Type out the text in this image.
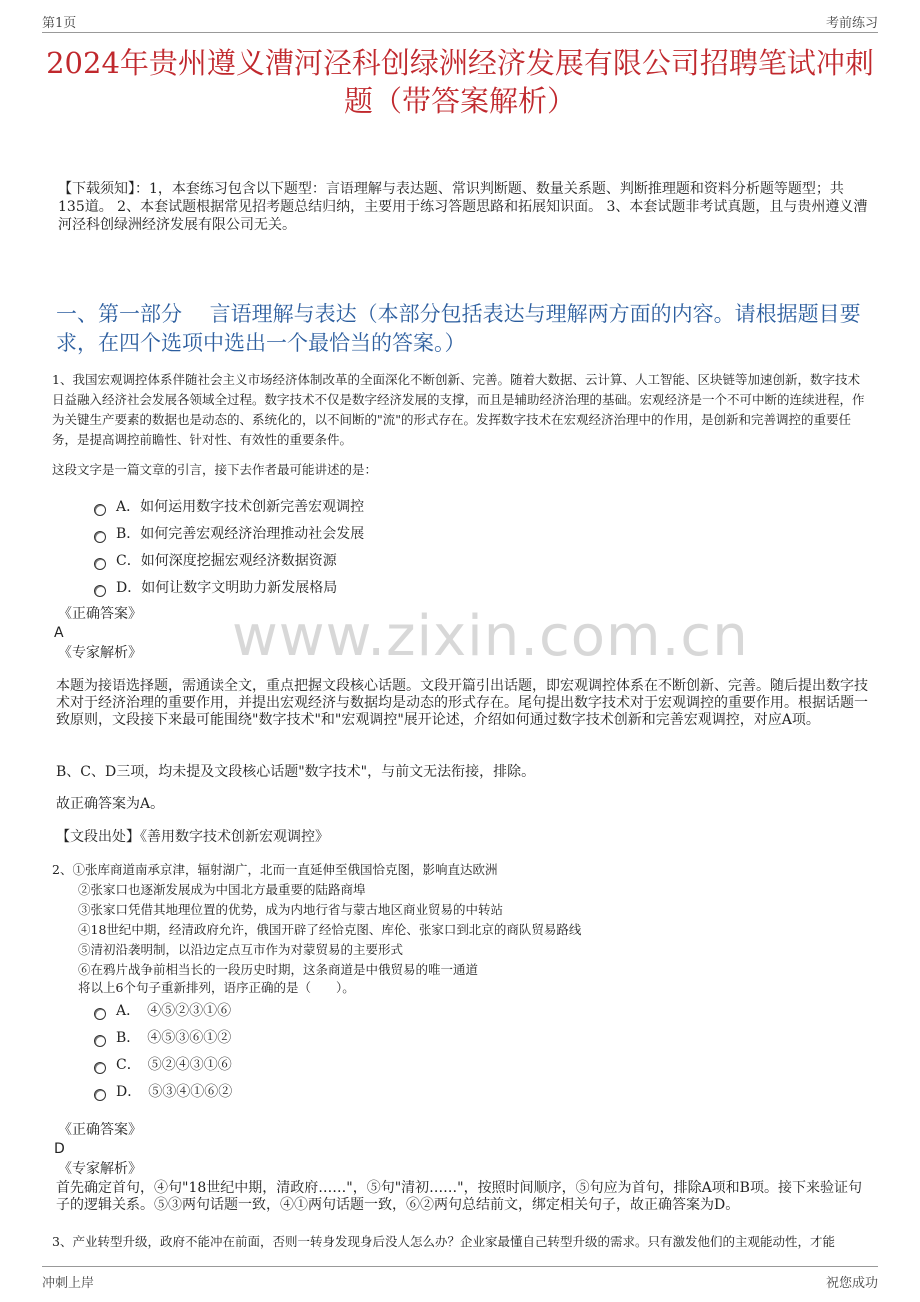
第1页	考前练习
2024年贵州遵义漕河泾科创绿洲经济发展有限公司招聘笔试冲刺题（带答案解析）
【下载须知】：1，本套练习包含以下题型：言语理解与表达题、常识判断题、数量关系题、判断推理题和资料分析题等题型；共135道。 2、本套试题根据常见招考题总结归纳，主要用于练习答题思路和拓展知识面。 3、本套试题非考试真题，且与贵州遵义漕河泾科创绿洲经济发展有限公司无关。
一、第一部分　 言语理解与表达（本部分包括表达与理解两方面的内容。请根据题目要求，在四个选项中选出一个最恰当的答案。）
1、我国宏观调控体系伴随社会主义市场经济体制改革的全面深化不断创新、完善。随着大数据、云计算、人工智能、区块链等加速创新，数字技术日益融入经济社会发展各领域全过程。数字技术不仅是数字经济发展的支撑，而且是辅助经济治理的基础。宏观经济是一个不可中断的连续进程，作为关键生产要素的数据也是动态的、系统化的，以不间断的"流"的形式存在。发挥数字技术在宏观经济治理中的作用，是创新和完善调控的重要任务，是提高调控前瞻性、针对性、有效性的重要条件。
这段文字是一篇文章的引言，接下去作者最可能讲述的是：
A．如何运用数字技术创新完善宏观调控
B．如何完善宏观经济治理推动社会发展
C．如何深度挖掘宏观经济数据资源
D．如何让数字文明助力新发展格局
《正确答案》
A
《专家解析》 www.zixin.com.cn
本题为接语选择题，需通读全文，重点把握文段核心话题。文段开篇引出话题，即宏观调控体系在不断创新、完善。随后提出数字技术对于经济治理的重要作用，并提出宏观经济与数据均是动态的形式存在。尾句提出数字技术对于宏观调控的重要作用。根据话题一致原则，文段接下来最可能围绕"数字技术"和"宏观调控"展开论述，介绍如何通过数字技术创新和完善宏观调控，对应A项。
B、C、D三项，均未提及文段核心话题"数字技术"，与前文无法衔接，排除。
故正确答案为A。
【文段出处】《善用数字技术创新宏观调控》
2、①张库商道南承京津，辐射湖广，北而一直延伸至俄国恰克图，影响直达欧洲
②张家口也逐渐发展成为中国北方最重要的陆路商埠
③张家口凭借其地理位置的优势，成为内地行省与蒙古地区商业贸易的中转站
④18世纪中期，经清政府允许，俄国开辟了经恰克图、库伦、张家口到北京的商队贸易路线
⑤清初沿袭明制，以沿边定点互市作为对蒙贸易的主要形式
⑥在鸦片战争前相当长的一段历史时期，这条商道是中俄贸易的唯一通道
将以上6个句子重新排列，语序正确的是（　　）。
A．　④⑤②③①⑥
B．　④⑤③⑥①②
C．　⑤②④③①⑥
D．　⑤③④①⑥②
《正确答案》
D
《专家解析》
首先确定首句，④句"18世纪中期，清政府……"，⑤句"清初……"，按照时间顺序，⑤句应为首句，排除A项和B项。接下来验证句子的逻辑关系。⑤③两句话题一致，④①两句话题一致，⑥②两句总结前文，绑定相关句子，故正确答案为D。
3、产业转型升级，政府不能冲在前面，否则一转身发现身后没人怎么办？企业家最懂自己转型升级的需求。只有激发他们的主观能动性，才能
冲刺上岸	祝您成功
